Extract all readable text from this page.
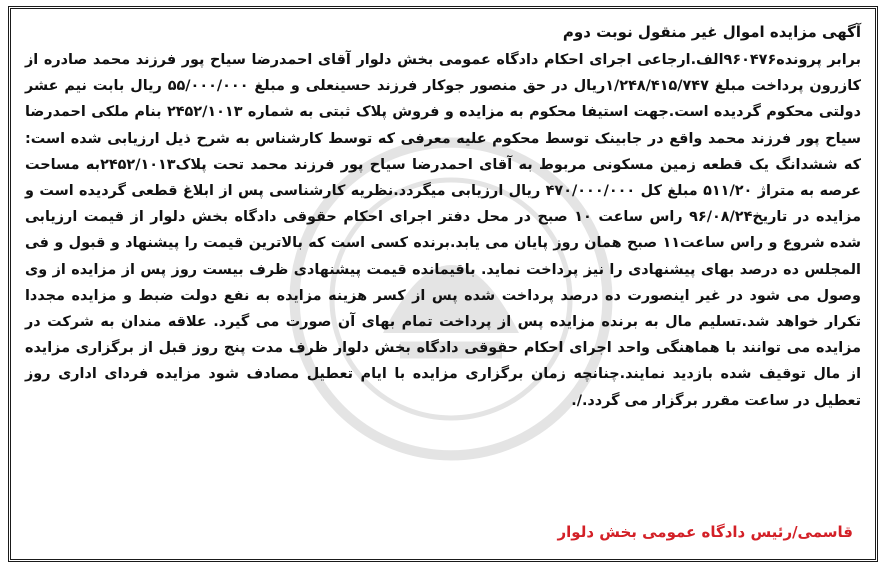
آگهی مزایده اموال غیر منقول نوبت دوم

برابر پرونده۹۶۰۴۷۶الف.ارجاعی اجرای احکام دادگاه عمومی بخش دلوار آقای احمدرضا سیاح پور فرزند محمد صادره از کازرون پرداخت مبلغ ۱/۲۴۸/۴۱۵/۷۴۷ریال در حق منصور جوکار فرزند حسینعلی و مبلغ ۵۵/۰۰۰/۰۰۰ ریال بابت نیم عشر دولتی محکوم گردیده است.جهت استیفا محکوم به مزایده و فروش پلاک ثبتی به شماره ۲۴۵۲/۱۰۱۳ بنام ملکی احمدرضا سیاح پور فرزند محمد واقع در جابینک توسط محکوم علیه معرفی که توسط کارشناس به شرح ذیل ارزیابی شده است: که ششدانگ یک قطعه زمین مسکونی مربوط به آقای احمدرضا سیاح پور فرزند محمد تحت پلاک۲۴۵۲/۱۰۱۳به مساحت عرصه به متراژ ۵۱۱/۲۰ مبلغ کل ۴۷۰/۰۰۰/۰۰۰ ریال ارزیابی میگردد.نظریه کارشناسی پس از ابلاغ قطعی گردیده است و مزایده در تاریخ۹۶/۰۸/۲۴ راس ساعت ۱۰ صبح در محل دفتر اجرای احکام حقوقی دادگاه بخش دلوار از قیمت ارزیابی شده شروع و راس ساعت۱۱ صبح همان روز پایان می یابد.برنده کسی است که بالاترین قیمت را پیشنهاد و قبول و فی المجلس ده درصد بهای پیشنهادی را نیز پرداخت نماید. باقیمانده قیمت پیشنهادی ظرف بیست روز پس از مزایده از وی وصول می شود در غیر اینصورت ده درصد پرداخت شده پس از کسر هزینه مزایده به نفع دولت ضبط و مزایده مجددا تکرار خواهد شد.تسلیم مال به برنده مزایده پس از پرداخت تمام بهای آن صورت می گیرد. علاقه مندان به شرکت در مزایده می توانند با هماهنگی واحد اجرای احکام حقوقی دادگاه بخش دلوار ظرف مدت پنج روز قبل از برگزاری مزایده از مال توقیف شده بازدید نمایند.چنانچه زمان برگزاری مزایده با ایام تعطیل مصادف شود مزایده فردای اداری روز تعطیل در ساعت مقرر برگزار می گردد./.

قاسمی/رئیس دادگاه عمومی بخش دلوار
